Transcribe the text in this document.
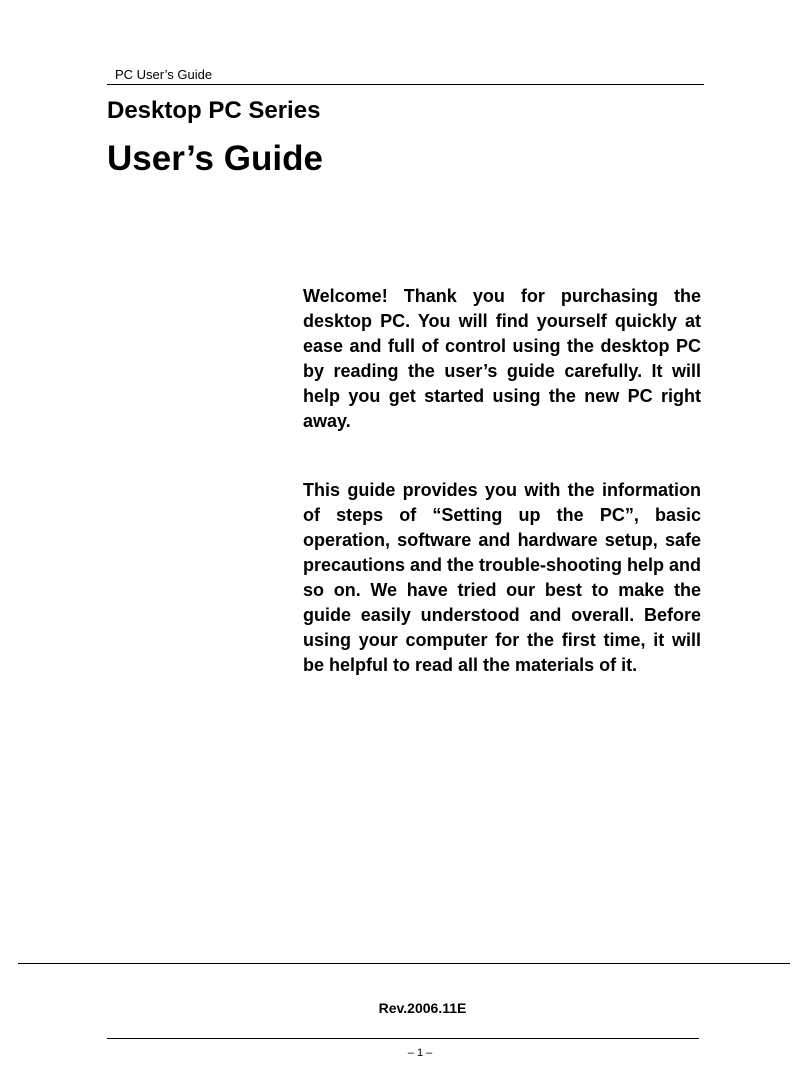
PC User’s Guide
Desktop PC Series
User’s Guide

Welcome! Thank you for purchasing the desktop PC. You will find yourself quickly at ease and full of control using the desktop PC by reading the user’s guide carefully. It will help you get started using the new PC right away.

This guide provides you with the information of steps of “Setting up the PC”, basic operation, software and hardware setup, safe precautions and the trouble-shooting help and so on. We have tried our best to make the guide easily understood and overall. Before using your computer for the first time, it will be helpful to read all the materials of it.

Rev.2006.11E
– 1 –
